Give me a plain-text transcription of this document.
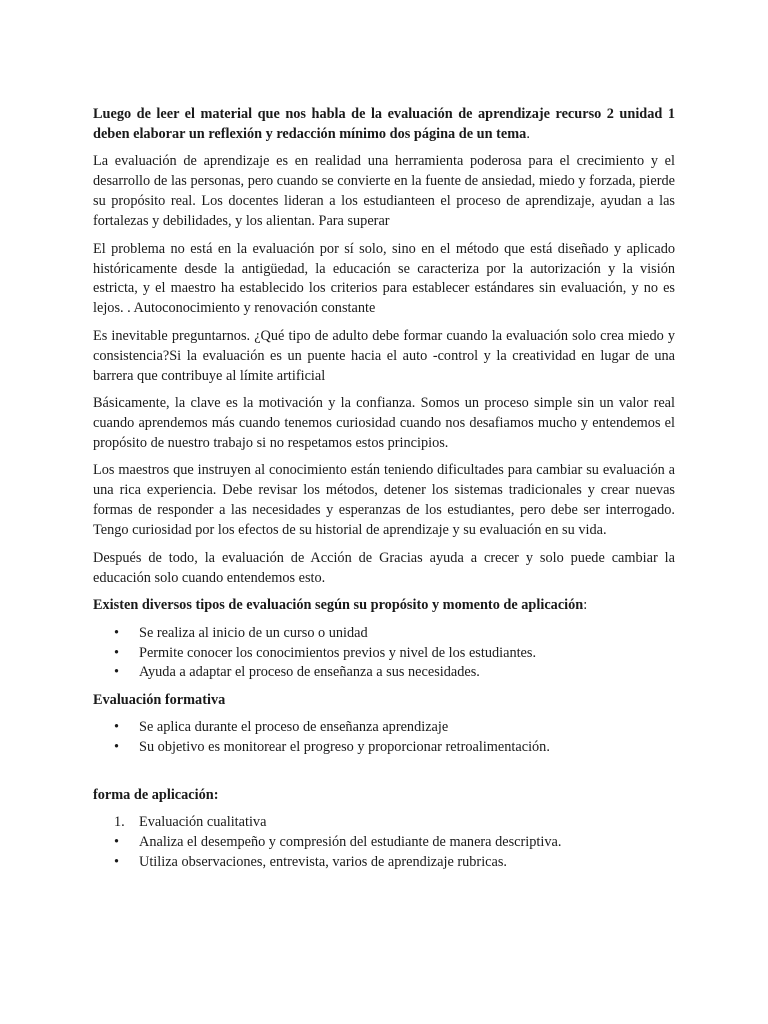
Luego de leer el material que nos habla de la evaluación de aprendizaje recurso 2 unidad 1 deben elaborar un reflexión y redacción mínimo dos página de un tema.

La evaluación de aprendizaje es en realidad una herramienta poderosa para el crecimiento y el desarrollo de las personas, pero cuando se convierte en la fuente de ansiedad, miedo y forzada, pierde su propósito real. Los docentes lideran a los estudianteen el proceso de aprendizaje, ayudan a las fortalezas y debilidades, y los alientan. Para superar

El problema no está en la evaluación por sí solo, sino en el método que está diseñado y aplicado históricamente desde la antigüedad, la educación se caracteriza por la autorización y la visión estricta, y el maestro ha establecido los criterios para establecer estándares sin evaluación, y no es lejos. . Autoconocimiento y renovación constante

Es inevitable preguntarnos. ¿Qué tipo de adulto debe formar cuando la evaluación solo crea miedo y consistencia?Si la evaluación es un puente hacia el auto -control y la creatividad en lugar de una barrera que contribuye al límite artificial

Básicamente, la clave es la motivación y la confianza. Somos un proceso simple sin un valor real cuando aprendemos más cuando tenemos curiosidad cuando nos desafiamos mucho y entendemos el propósito de nuestro trabajo si no respetamos estos principios.

Los maestros que instruyen al conocimiento están teniendo dificultades para cambiar su evaluación a una rica experiencia. Debe revisar los métodos, detener los sistemas tradicionales y crear nuevas formas de responder a las necesidades y esperanzas de los estudiantes, pero debe ser interrogado. Tengo curiosidad por los efectos de su historial de aprendizaje y su evaluación en su vida.

Después de todo, la evaluación de Acción de Gracias ayuda a crecer y solo puede cambiar la educación solo cuando entendemos esto.

Existen diversos tipos de evaluación según su propósito y momento de aplicación:

•	Se realiza al inicio de un curso o unidad
•	Permite conocer los conocimientos previos y nivel de los estudiantes.
•	Ayuda a adaptar el proceso de enseñanza a sus necesidades.

Evaluación formativa

•	Se aplica durante el proceso de enseñanza aprendizaje
•	Su objetivo es monitorear el progreso y proporcionar retroalimentación.

forma de aplicación:

1. Evaluación cualitativa
•	Analiza el desempeño y compresión del estudiante de manera descriptiva.
•	Utiliza observaciones, entrevista, varios de aprendizaje rubricas.
